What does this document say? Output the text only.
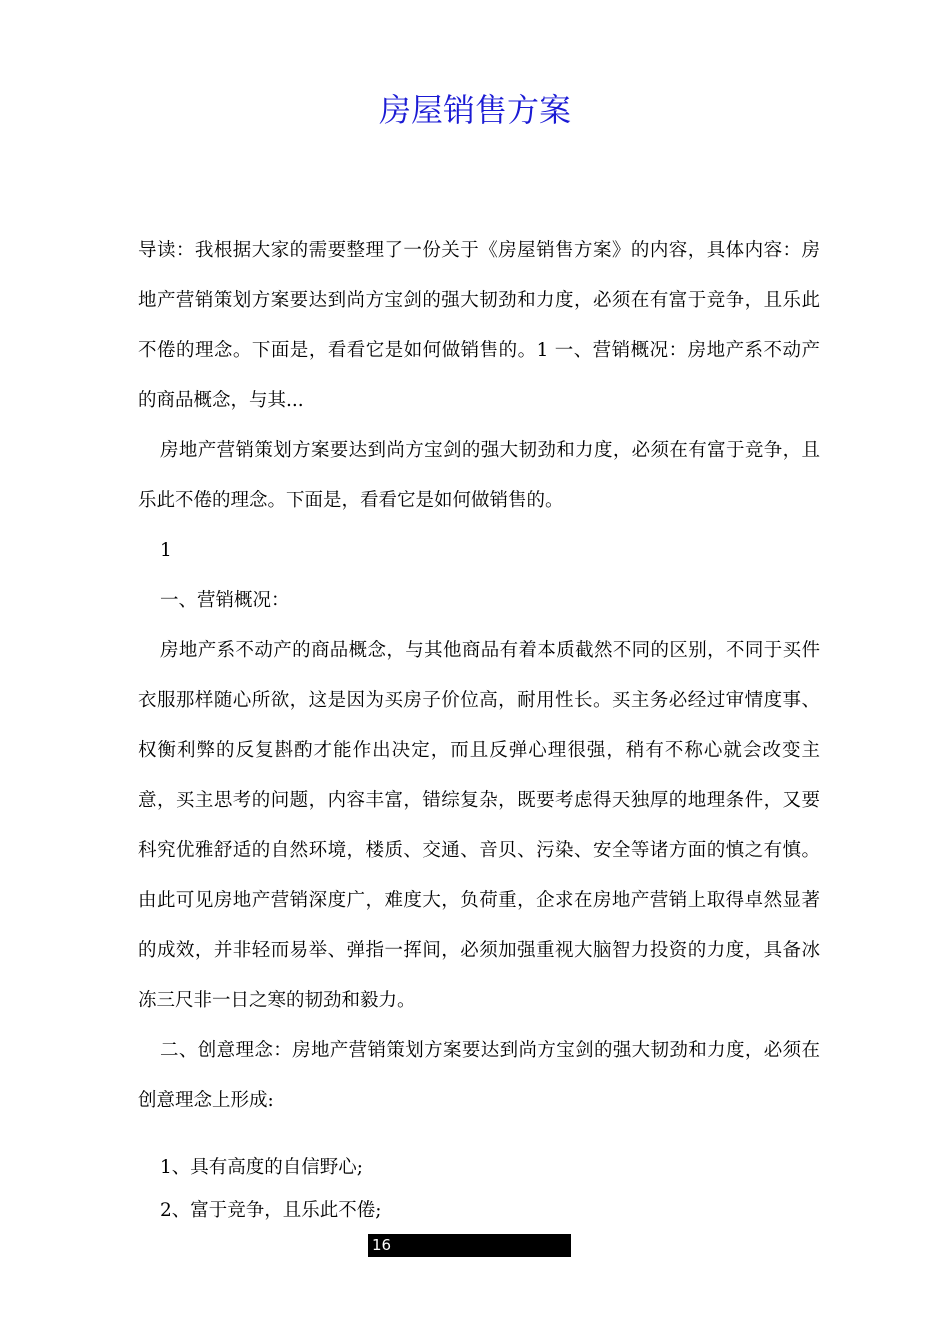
房屋销售方案

导读：我根据大家的需要整理了一份关于《房屋销售方案》的内容，具体内容：房地产营销策划方案要达到尚方宝剑的强大韧劲和力度，必须在有富于竞争，且乐此不倦的理念。下面是，看看它是如何做销售的。1 一、营销概况：房地产系不动产的商品概念，与其...

房地产营销策划方案要达到尚方宝剑的强大韧劲和力度，必须在有富于竞争，且乐此不倦的理念。下面是，看看它是如何做销售的。

1

一、营销概况：

房地产系不动产的商品概念，与其他商品有着本质截然不同的区别，不同于买件衣服那样随心所欲，这是因为买房子价位高，耐用性长。买主务必经过审情度事、权衡利弊的反复斟酌才能作出决定，而且反弹心理很强，稍有不称心就会改变主意，买主思考的问题，内容丰富，错综复杂，既要考虑得天独厚的地理条件，又要科究优雅舒适的自然环境，楼质、交通、音贝、污染、安全等诸方面的慎之有慎。由此可见房地产营销深度广，难度大，负荷重，企求在房地产营销上取得卓然显著的成效，并非轻而易举、弹指一挥间，必须加强重视大脑智力投资的力度，具备冰冻三尺非一日之寒的韧劲和毅力。

二、创意理念：房地产营销策划方案要达到尚方宝剑的强大韧劲和力度，必须在创意理念上形成:

1、具有高度的自信野心;

2、富于竞争，且乐此不倦;

16
